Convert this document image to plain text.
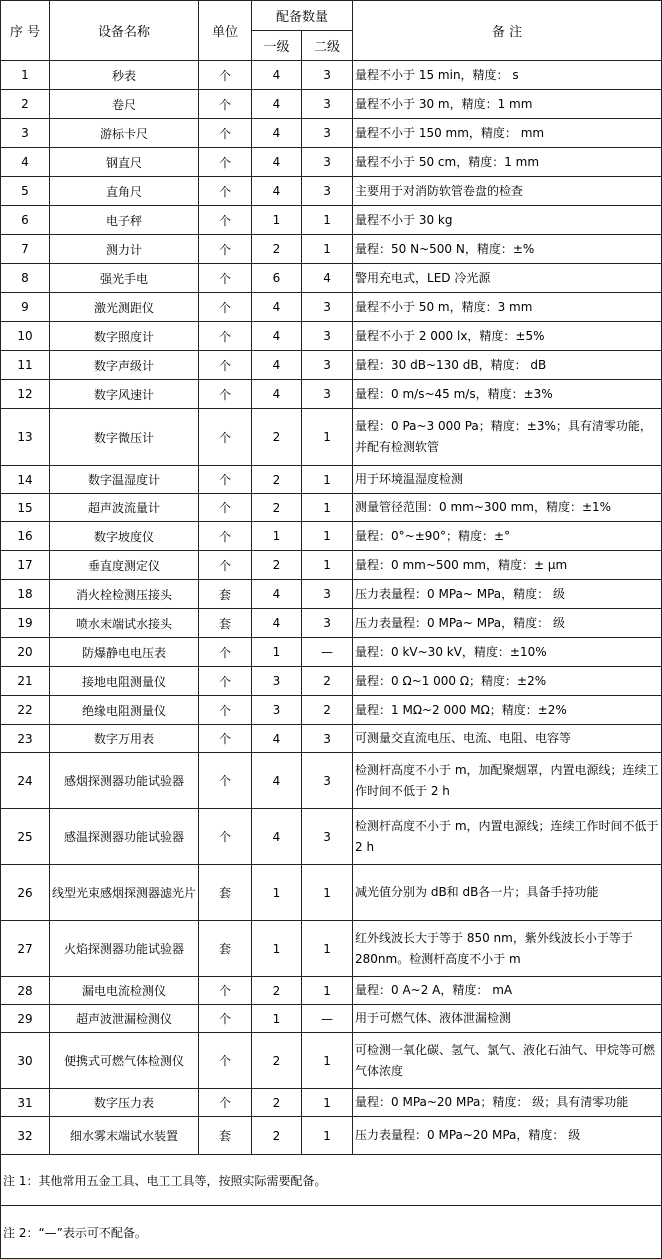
序 号	设备名称	单位	配备数量		备 注
			一级	二级	
1	秒表	个	4	3	量程不小于 15 min，精度： s
2	卷尺	个	4	3	量程不小于 30 m，精度：1 mm
3	游标卡尺	个	4	3	量程不小于 150 mm，精度： mm
4	钢直尺	个	4	3	量程不小于 50 cm，精度：1 mm
5	直角尺	个	4	3	主要用于对消防软管卷盘的检查
6	电子秤	个	1	1	量程不小于 30 kg
7	测力计	个	2	1	量程：50 N~500 N，精度：±%
8	强光手电	个	6	4	警用充电式，LED 冷光源
9	激光测距仪	个	4	3	量程不小于 50 m，精度：3 mm
10	数字照度计	个	4	3	量程不小于 2 000 lx，精度：±5%
11	数字声级计	个	4	3	量程：30 dB~130 dB，精度： dB
12	数字风速计	个	4	3	量程：0 m/s~45 m/s，精度：±3%
13	数字微压计	个	2	1	量程：0 Pa~3 000 Pa；精度：±3%；具有清零功能，并配有检测软管
14	数字温湿度计	个	2	1	用于环境温湿度检测
15	超声波流量计	个	2	1	测量管径范围：0 mm~300 mm，精度：±1%
16	数字坡度仪	个	1	1	量程：0°~±90°；精度：±°
17	垂直度测定仪	个	2	1	量程：0 mm~500 mm，精度：± μm
18	消火栓检测压接头	套	4	3	压力表量程：0 MPa~ MPa，精度： 级
19	喷水末端试水接头	套	4	3	压力表量程：0 MPa~ MPa，精度： 级
20	防爆静电电压表	个	1	—	量程：0 kV~30 kV，精度：±10%
21	接地电阻测量仪	个	3	2	量程：0 Ω~1 000 Ω；精度：±2%
22	绝缘电阻测量仪	个	3	2	量程：1 MΩ~2 000 MΩ；精度：±2%
23	数字万用表	个	4	3	可测量交直流电压、电流、电阻、电容等
24	感烟探测器功能试验器	个	4	3	检测杆高度不小于 m，加配聚烟罩，内置电源线；连续工作时间不低于 2 h
25	感温探测器功能试验器	个	4	3	检测杆高度不小于 m，内置电源线；连续工作时间不低于 2 h
26	线型光束感烟探测器滤光片	套	1	1	减光值分别为 dB和 dB各一片；具备手持功能
27	火焰探测器功能试验器	套	1	1	红外线波长大于等于 850 nm，紫外线波长小于等于 280nm。检测杆高度不小于 m
28	漏电电流检测仪	个	2	1	量程：0 A~2 A，精度： mA
29	超声波泄漏检测仪	个	1	—	用于可燃气体、液体泄漏检测
30	便携式可燃气体检测仪	个	2	1	可检测一氧化碳、氢气、氯气、液化石油气、甲烷等可燃气体浓度
31	数字压力表	个	2	1	量程：0 MPa~20 MPa；精度： 级；具有清零功能
32	细水雾末端试水装置	套	2	1	压力表量程：0 MPa~20 MPa，精度： 级
注 1：其他常用五金工具、电工工具等，按照实际需要配备。					
注 2：“—”表示可不配备。					
